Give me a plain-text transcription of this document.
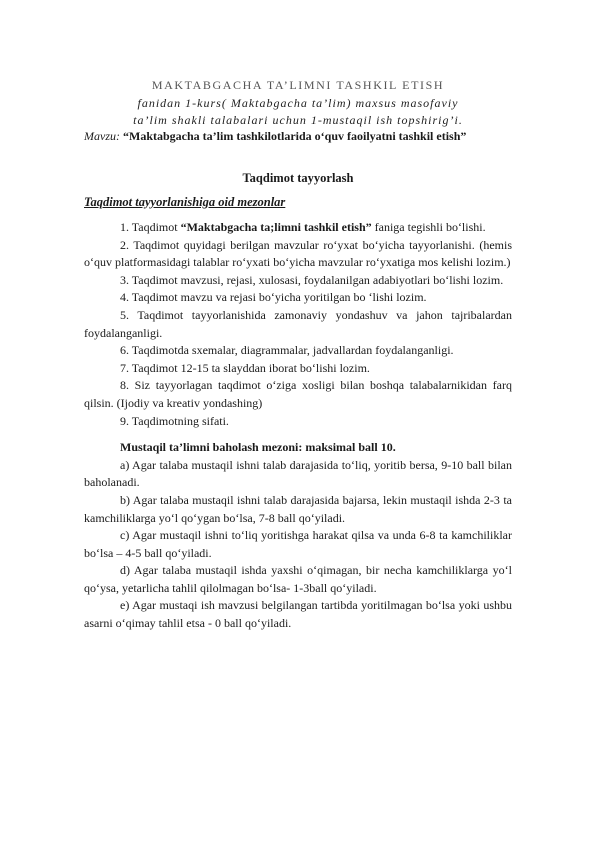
MAKTABGACHA TA’LIMNI TASHKIL ETISH
fanidan 1-kurs( Maktabgacha ta’lim) maxsus masofaviy
ta’lim shakli talabalari uchun 1-mustaqil ish topshirig’i.
Mavzu: “Maktabgacha ta’lim tashkilotlarida o‘quv faoilyatni tashkil etish”
Taqdimot tayyorlash
Taqdimot tayyorlanishiga oid mezonlar

1. Taqdimot “Maktabgacha ta;limni tashkil etish” faniga tegishli bo‘lishi.

2. Taqdimot quyidagi berilgan mavzular ro‘yxat bo‘yicha tayyorlanishi. (hemis o‘quv platformasidagi talablar ro‘yxati bo‘yicha mavzular ro‘yxatiga mos kelishi lozim.)

3. Taqdimot mavzusi, rejasi, xulosasi, foydalanilgan adabiyotlari bo‘lishi lozim.

4. Taqdimot mavzu va rejasi bo‘yicha yoritilgan bo ‘lishi lozim.

5. Taqdimot tayyorlanishida zamonaviy yondashuv va jahon tajribalardan foydalanganligi.

6. Taqdimotda sxemalar, diagrammalar, jadvallardan foydalanganligi.

7. Taqdimot 12-15 ta slayddan iborat bo‘lishi lozim.

8. Siz tayyorlagan taqdimot o‘ziga xosligi bilan boshqa talabalarnikidan farq qilsin. (Ijodiy va kreativ yondashing)

9. Taqdimotning sifati.

Mustaqil ta’limni baholash mezoni: maksimal ball 10.

a) Agar talaba mustaqil ishni talab darajasida to‘liq, yoritib bersa, 9-10 ball bilan baholanadi.

b) Agar talaba mustaqil ishni talab darajasida bajarsa, lekin mustaqil ishda 2-3 ta kamchiliklarga yo‘l qo‘ygan bo‘lsa, 7-8 ball qo‘yiladi.

c) Agar mustaqil ishni to‘liq yoritishga harakat qilsa va unda 6-8 ta kamchiliklar bo‘lsa – 4-5 ball qo‘yiladi.

d) Agar talaba mustaqil ishda yaxshi o‘qimagan, bir necha kamchiliklarga yo‘l qo‘ysa, yetarlicha tahlil qilolmagan bo‘lsa- 1-3ball qo‘yiladi.

e) Agar mustaqi ish mavzusi belgilangan tartibda yoritilmagan bo‘lsa yoki ushbu asarni o‘qimay tahlil etsa - 0 ball qo‘yiladi.
